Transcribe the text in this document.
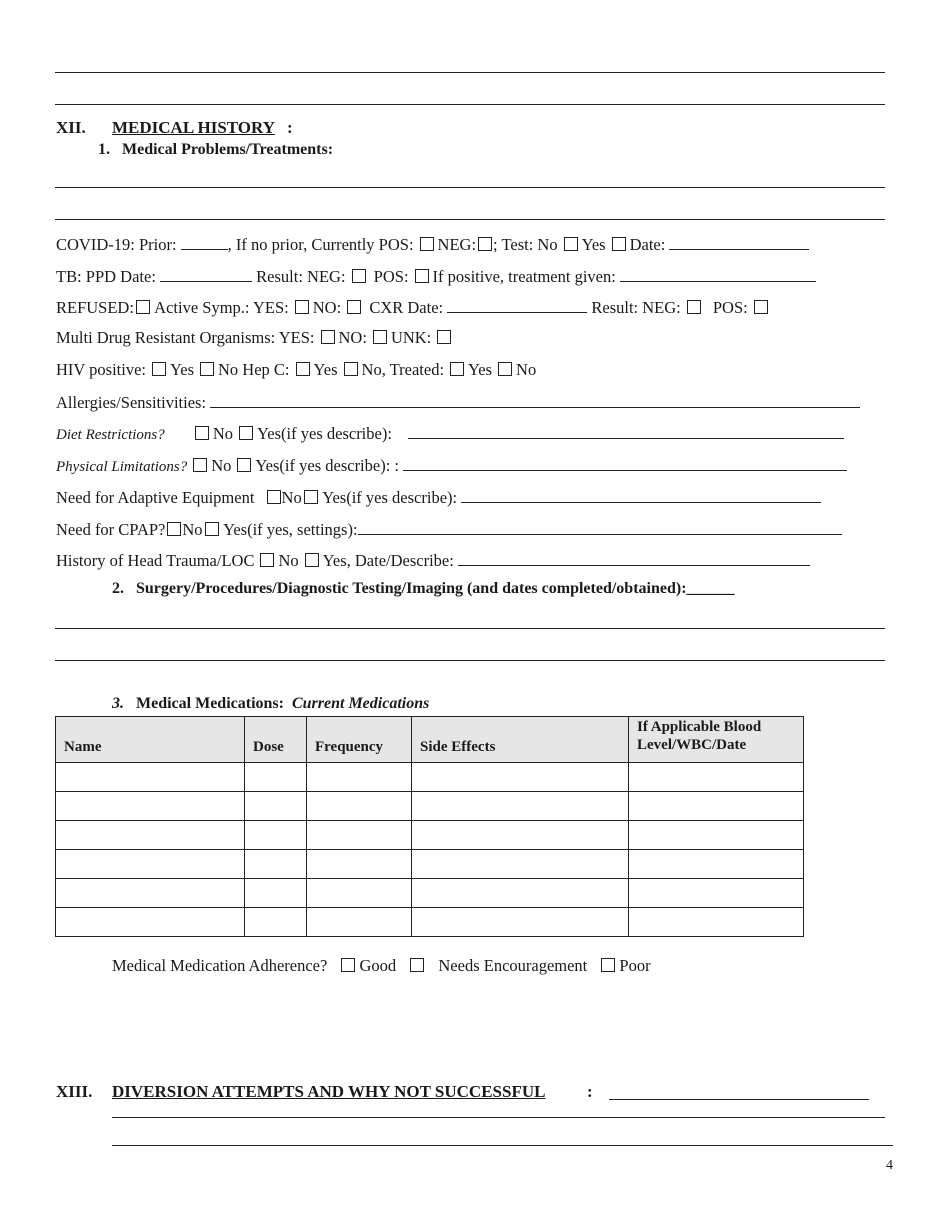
XII. MEDICAL HISTORY :
1. Medical Problems/Treatments:
COVID-19: Prior:	, If no prior, Currently POS: NEG: ; Test: No Yes Date:
TB: PPD Date:	Result: NEG: POS: If positive, treatment given:
REFUSED: Active Symp.: YES: NO: CXR Date:	Result: NEG: POS:
Multi Drug Resistant Organisms: YES: NO: UNK:
HIV positive: Yes No Hep C: Yes No, Treated: Yes No
Allergies/Sensitivities:
Diet Restrictions?	No Yes(if yes describe):
Physical Limitations? No Yes(if yes describe): :
Need for Adaptive Equipment No Yes(if yes describe):
Need for CPAP? No Yes(if yes, settings):
History of Head Trauma/LOC No Yes, Date/Describe:
2. Surgery/Procedures/Diagnostic Testing/Imaging (and dates completed/obtained):______
3. Medical Medications: Current Medications
Name	Dose	Frequency	Side Effects	If Applicable Blood Level/WBC/Date

Medical Medication Adherence? Good	Needs Encouragement Poor
XIII. DIVERSION ATTEMPTS AND WHY NOT SUCCESSFUL :
4
